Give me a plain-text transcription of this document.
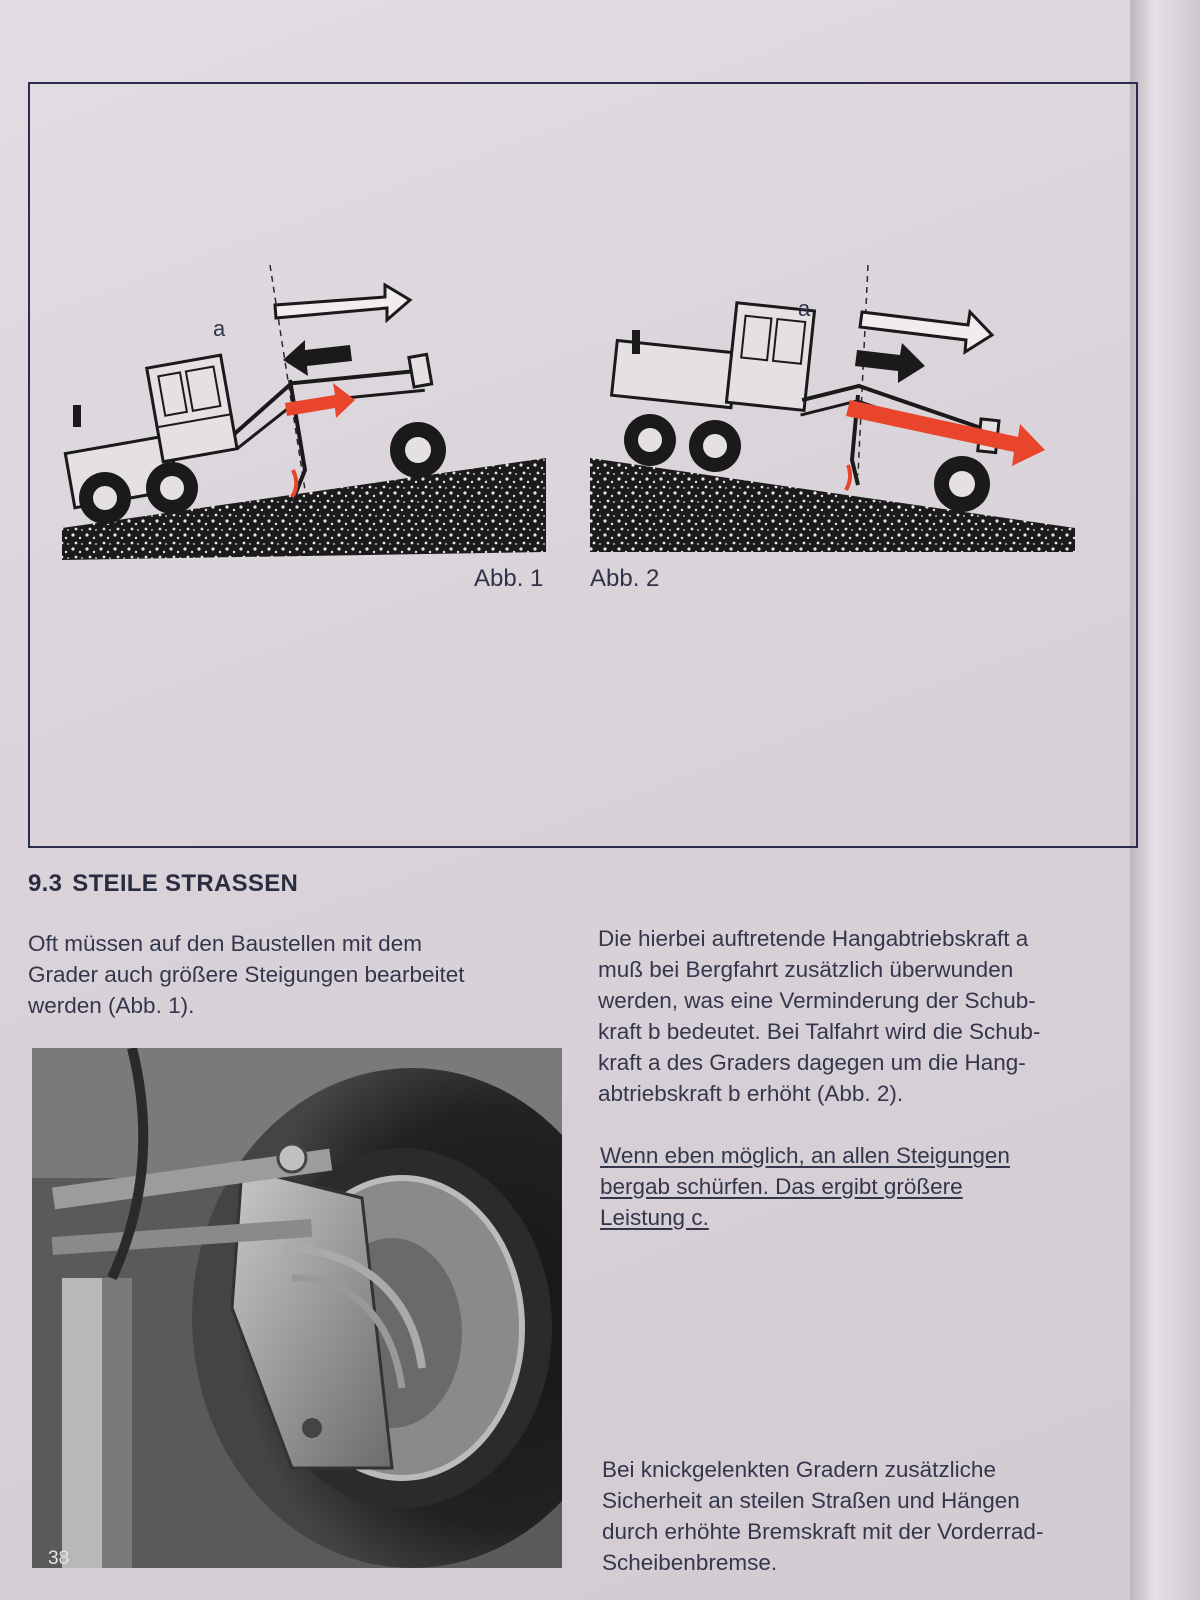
a
a
Abb. 1 Abb. 2
9.3 STEILE STRASSEN
Oft müssen auf den Baustellen mit dem
Grader auch größere Steigungen bearbeitet
werden (Abb. 1).
Die hierbei auftretende Hangabtriebskraft a
muß bei Bergfahrt zusätzlich überwunden
werden, was eine Verminderung der Schub-
kraft b bedeutet. Bei Talfahrt wird die Schub-
kraft a des Graders dagegen um die Hang-
abtriebskraft b erhöht (Abb. 2).
Wenn eben möglich, an allen Steigungen
bergab schürfen. Das ergibt größere
Leistung c.
Bei knickgelenkten Gradern zusätzliche
Sicherheit an steilen Straßen und Hängen
durch erhöhte Bremskraft mit der Vorderrad-
Scheibenbremse.
38
